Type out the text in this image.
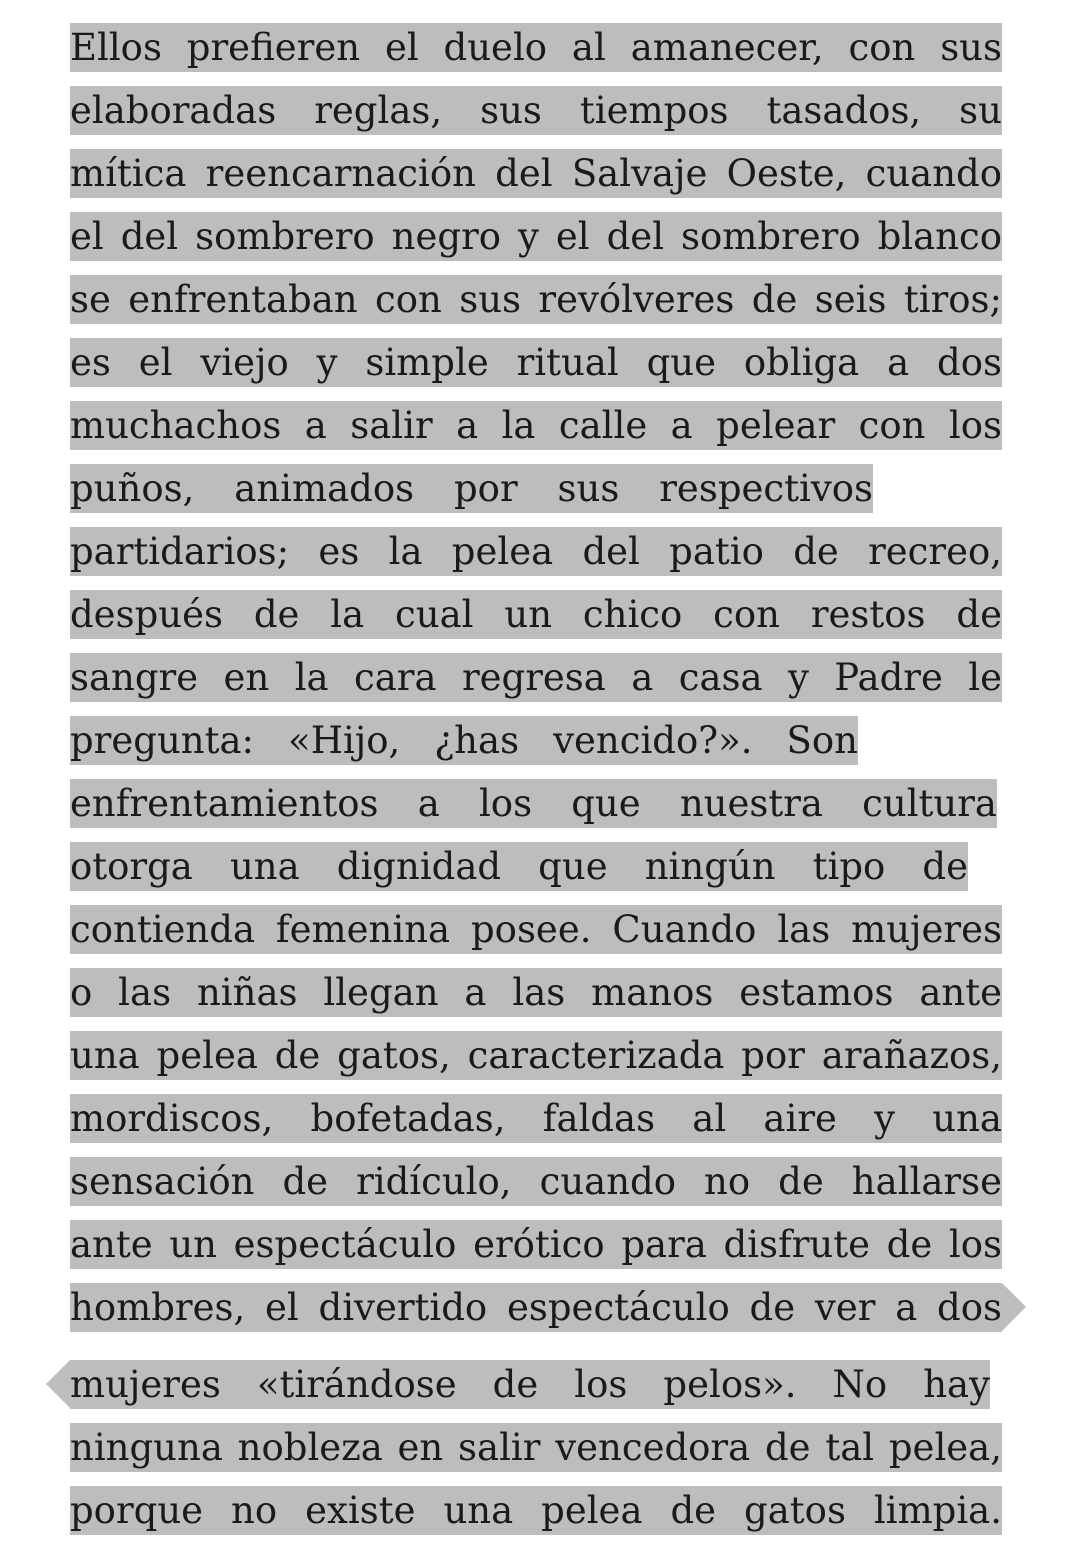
Ellos prefieren el duelo al amanecer, con sus
elaboradas reglas, sus tiempos tasados, su
mítica reencarnación del Salvaje Oeste, cuando
el del sombrero negro y el del sombrero blanco
se enfrentaban con sus revólveres de seis tiros;
es el viejo y simple ritual que obliga a dos
muchachos a salir a la calle a pelear con los
puños, animados por sus respectivos
partidarios; es la pelea del patio de recreo,
después de la cual un chico con restos de
sangre en la cara regresa a casa y Padre le
pregunta: «Hijo, ¿has vencido?». Son
enfrentamientos a los que nuestra cultura
otorga una dignidad que ningún tipo de
contienda femenina posee. Cuando las mujeres
o las niñas llegan a las manos estamos ante
una pelea de gatos, caracterizada por arañazos,
mordiscos, bofetadas, faldas al aire y una
sensación de ridículo, cuando no de hallarse
ante un espectáculo erótico para disfrute de los
hombres, el divertido espectáculo de ver a dos
mujeres «tirándose de los pelos». No hay
ninguna nobleza en salir vencedora de tal pelea,
porque no existe una pelea de gatos limpia.
